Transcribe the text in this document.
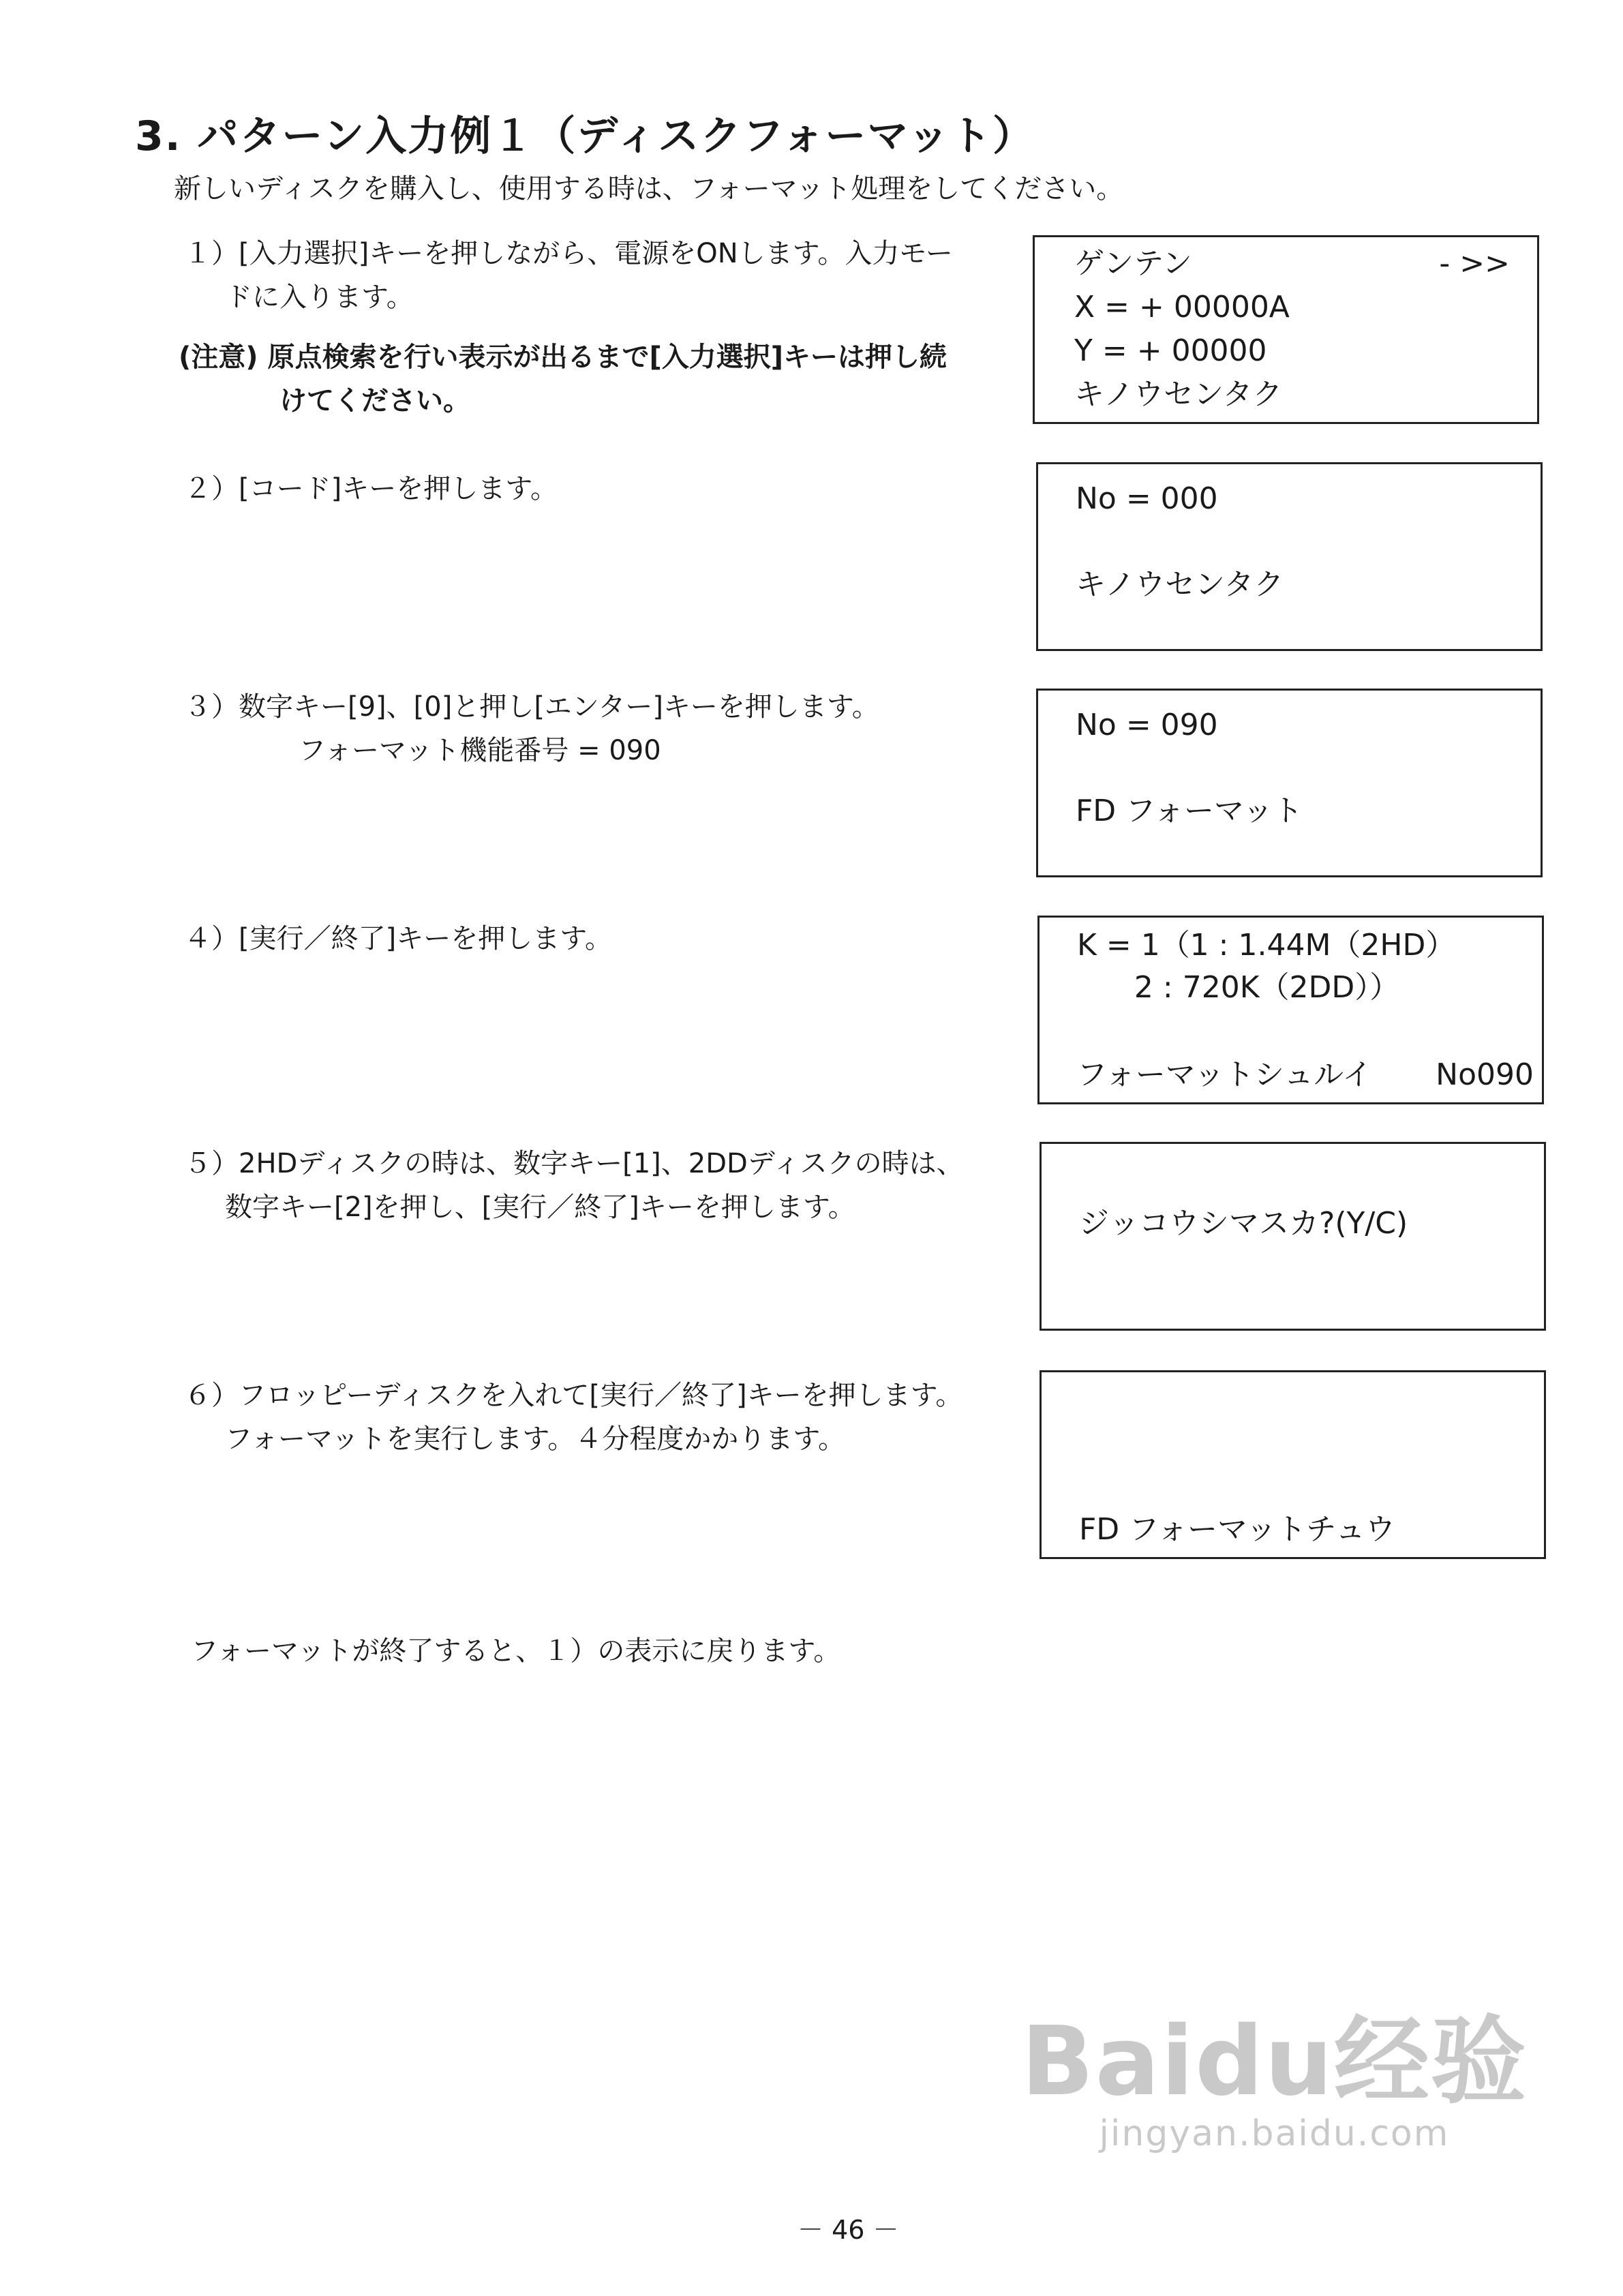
3. パターン入力例１（ディスクフォーマット）
新しいディスクを購入し、使用する時は、フォーマット処理をしてください。
１）[入力選択]キーを押しながら、電源をONします。入力モー
ドに入ります。
(注意) 原点検索を行い表示が出るまで[入力選択]キーは押し続
けてください。
ゲンテン	- >>
X = + 00000A
Y = + 00000
キノウセンタク
２）[コード]キーを押します。	No = 000
キノウセンタク
３）数字キー[9]、[0]と押し[エンター]キーを押します。
フォーマット機能番号 = 090
No = 090
FD フォーマット
４）[実行／終了]キーを押します。	K = 1（1 : 1.44M（2HD）
2 : 720K（2DD））
フォーマットシュルイ No090
５）2HDディスクの時は、数字キー[1]、2DDディスクの時は、
数字キー[2]を押し、[実行／終了]キーを押します。	ジッコウシマスカ?(Y/C)
６）フロッピーディスクを入れて[実行／終了]キーを押します。
フォーマットを実行します。４分程度かかります。
FD フォーマットチュウ
フォーマットが終了すると、１）の表示に戻ります。
Baidu经验
jingyan.baidu.com
－ 46 －
